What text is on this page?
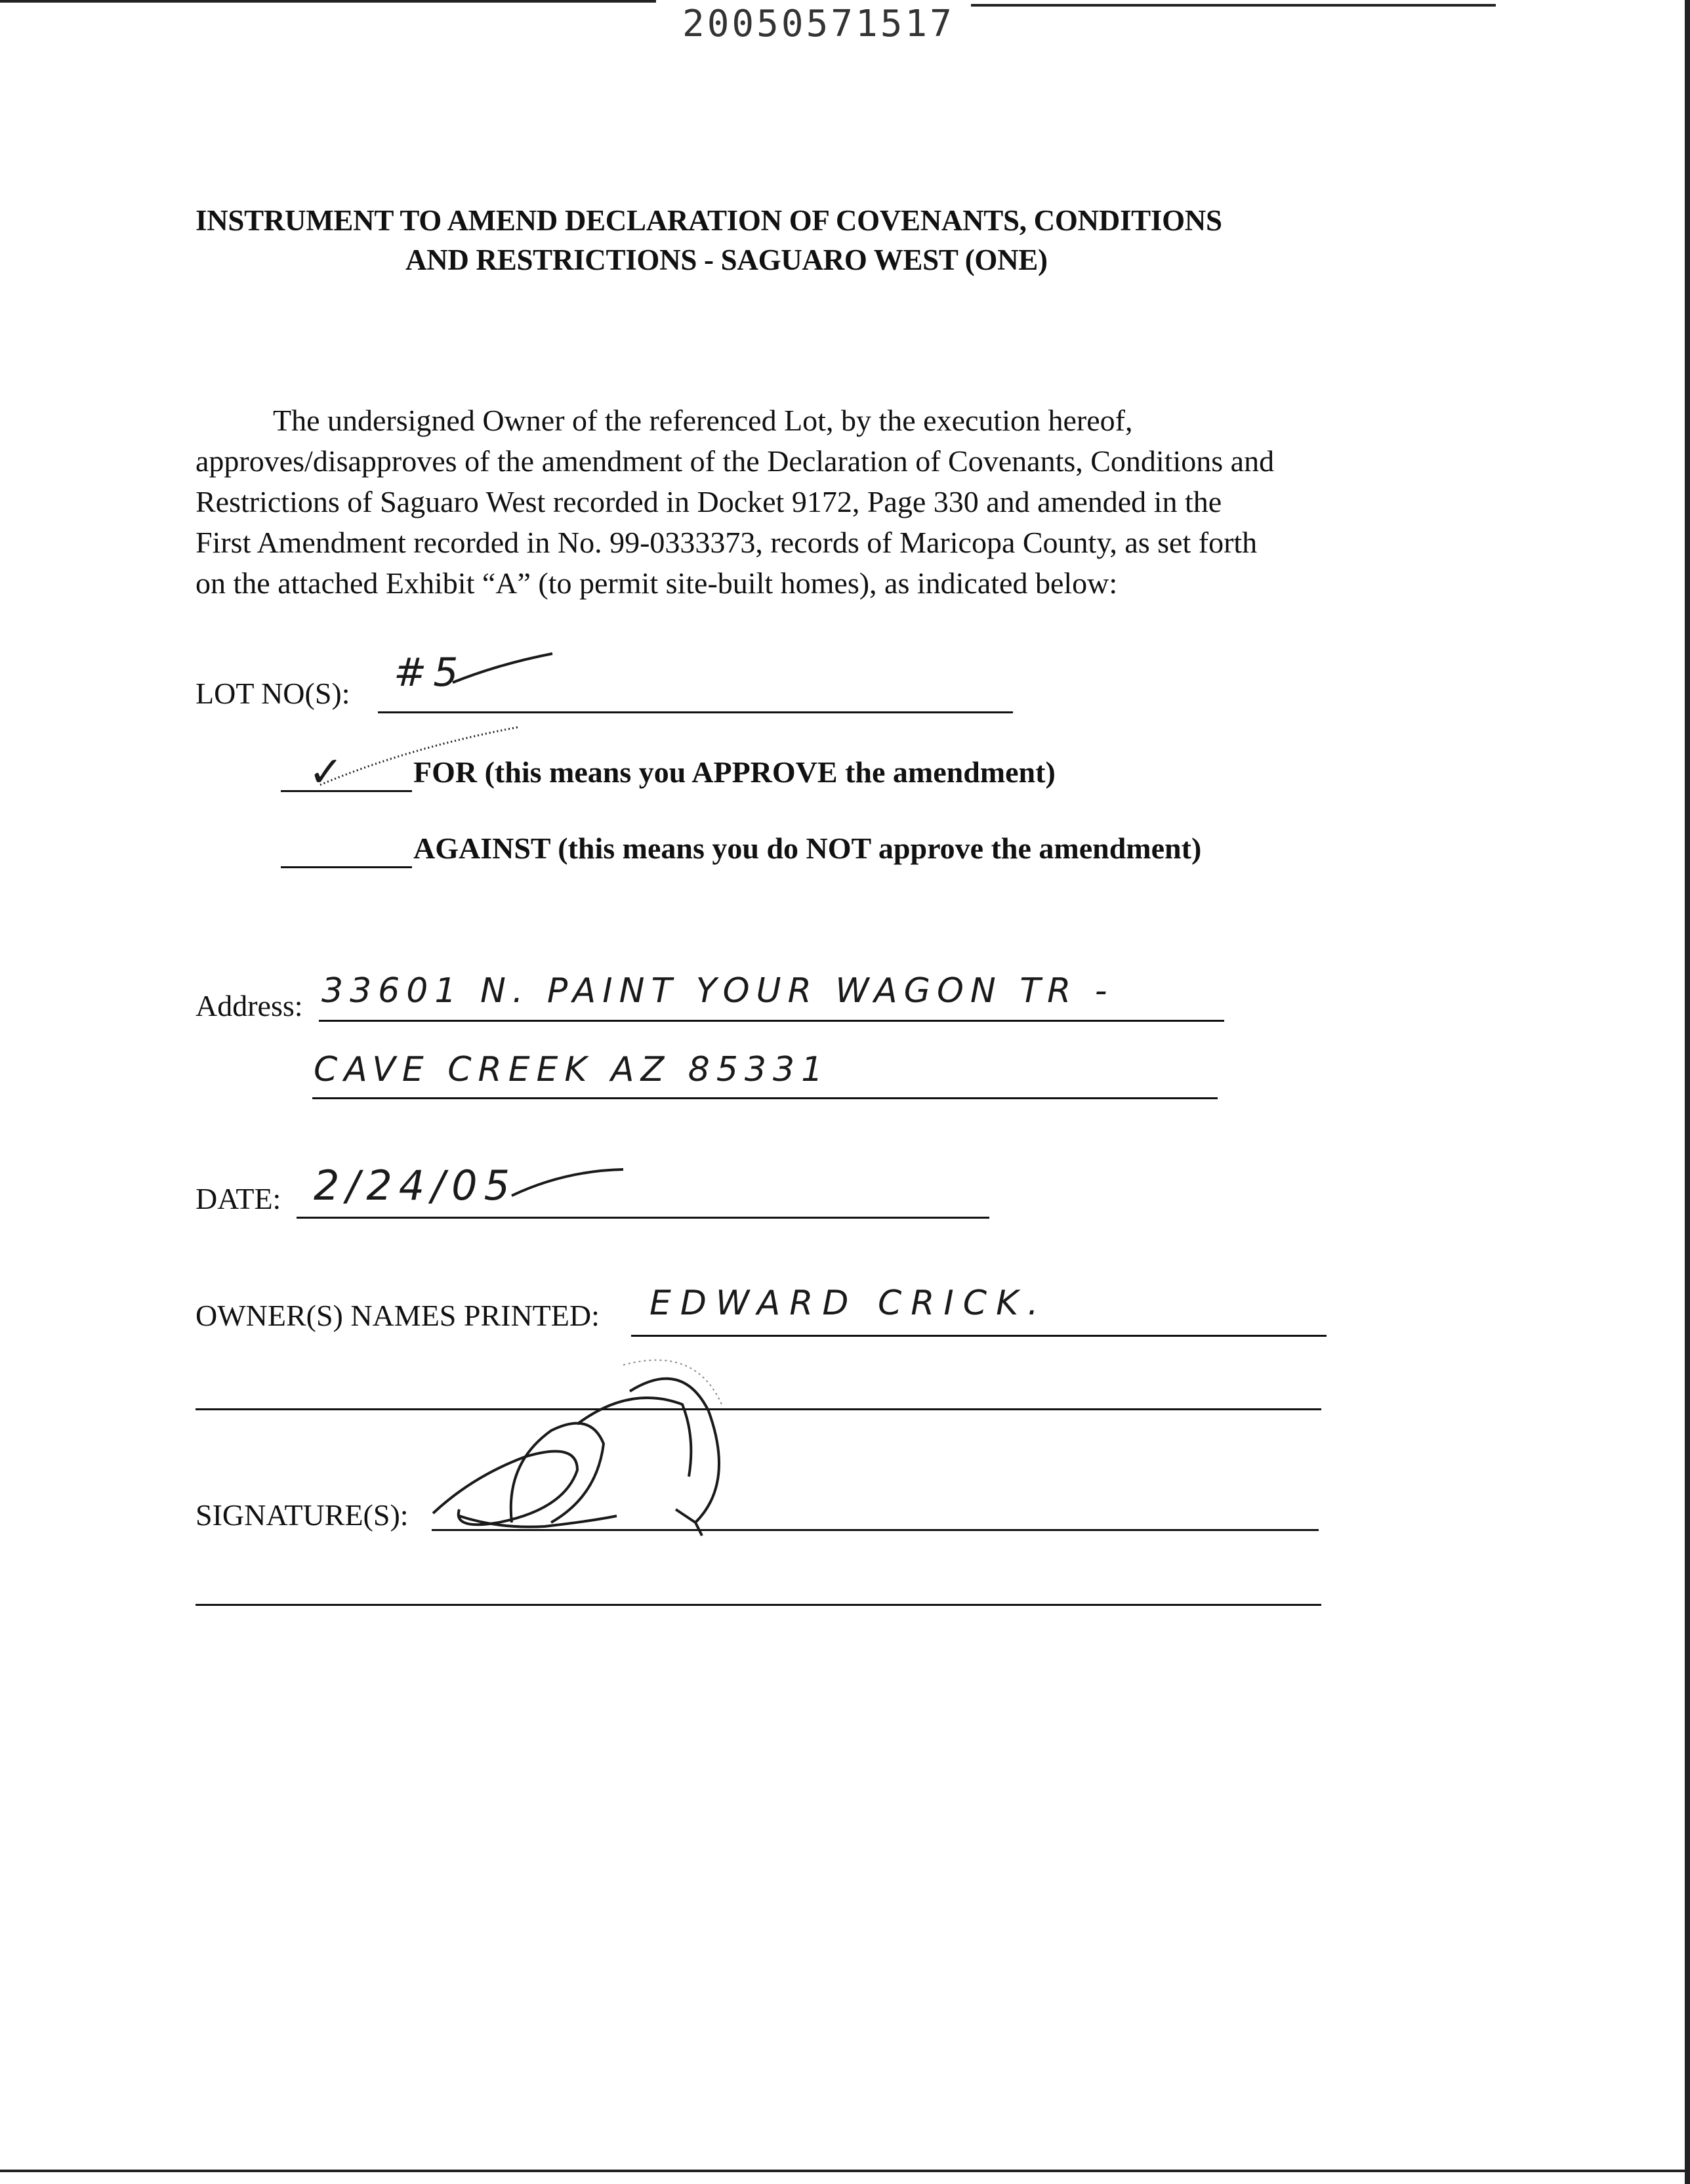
20050571517
INSTRUMENT TO AMEND DECLARATION OF COVENANTS, CONDITIONS
AND RESTRICTIONS - SAGUARO WEST (ONE)

The undersigned Owner of the referenced Lot, by the execution hereof,

approves/disapproves of the amendment of the Declaration of Covenants, Conditions and

Restrictions of Saguaro West recorded in Docket 9172, Page 330 and amended in the

First Amendment recorded in No. 99-0333373, records of Maricopa County, as set forth

on the attached Exhibit “A” (to permit site-built homes), as indicated below:

LOT NO(S): #5
✓ FOR (this means you APPROVE the amendment)
AGAINST (this means you do NOT approve the amendment)
Address: 33601 N. PAINT YOUR WAGON TR -
CAVE CREEK AZ 85331
DATE: 2/24/05
OWNER(S) NAMES PRINTED: EDWARD CRICK.
SIGNATURE(S):
